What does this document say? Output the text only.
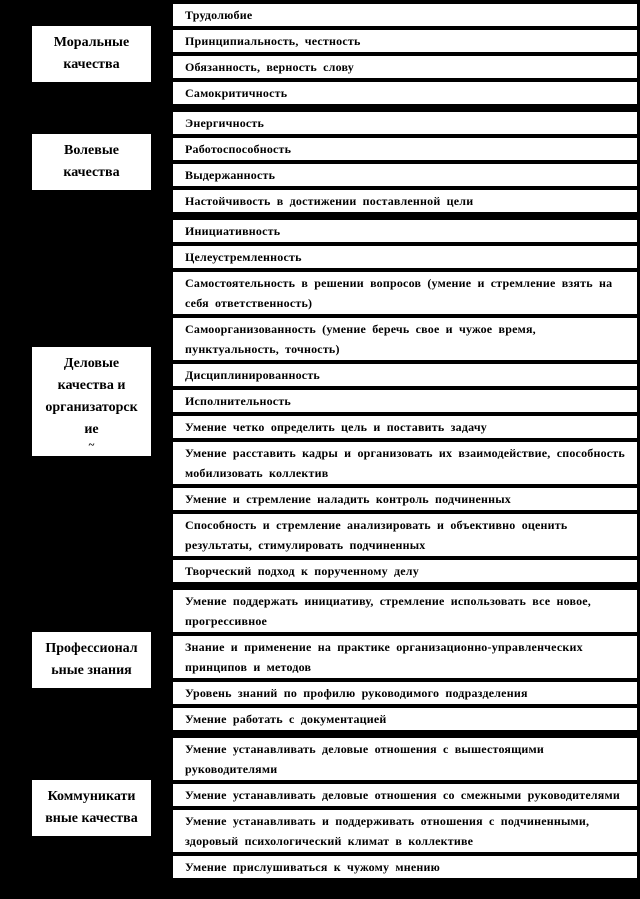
Моральные
качества
Трудолюбие
Принципиальность, честность
Обязанность, верность слову
Самокритичность
Волевые
качества
Энергичность
Работоспособность
Выдержанность
Настойчивость в достижении поставленной цели
Деловые
качества и
организаторск
ие
~
Инициативность
Целеустремленность
Самостоятельность в решении вопросов (умение и стремление взять на себя ответственность)
Самоорганизованность (умение беречь свое и чужое время, пунктуальность, точность)
Дисциплинированность
Исполнительность
Умение четко определить цель и поставить задачу
Умение расставить кадры и организовать их взаимодействие, способность мобилизовать коллектив
Умение и стремление наладить контроль подчиненных
Способность и стремление анализировать и объективно оценить результаты, стимулировать подчиненных
Творческий подход к порученному делу
Профессионал
ьные знания
Умение поддержать инициативу, стремление использовать все новое, прогрессивное
Знание и применение на практике организационно-управленческих принципов и методов
Уровень знаний по профилю руководимого подразделения
Умение работать с документацией
Коммуникати
вные качества
Умение устанавливать деловые отношения с вышестоящими руководителями
Умение устанавливать деловые отношения со смежными руководителями
Умение устанавливать и поддерживать отношения с подчиненными, здоровый психологический климат в коллективе
Умение прислушиваться к чужому мнению
